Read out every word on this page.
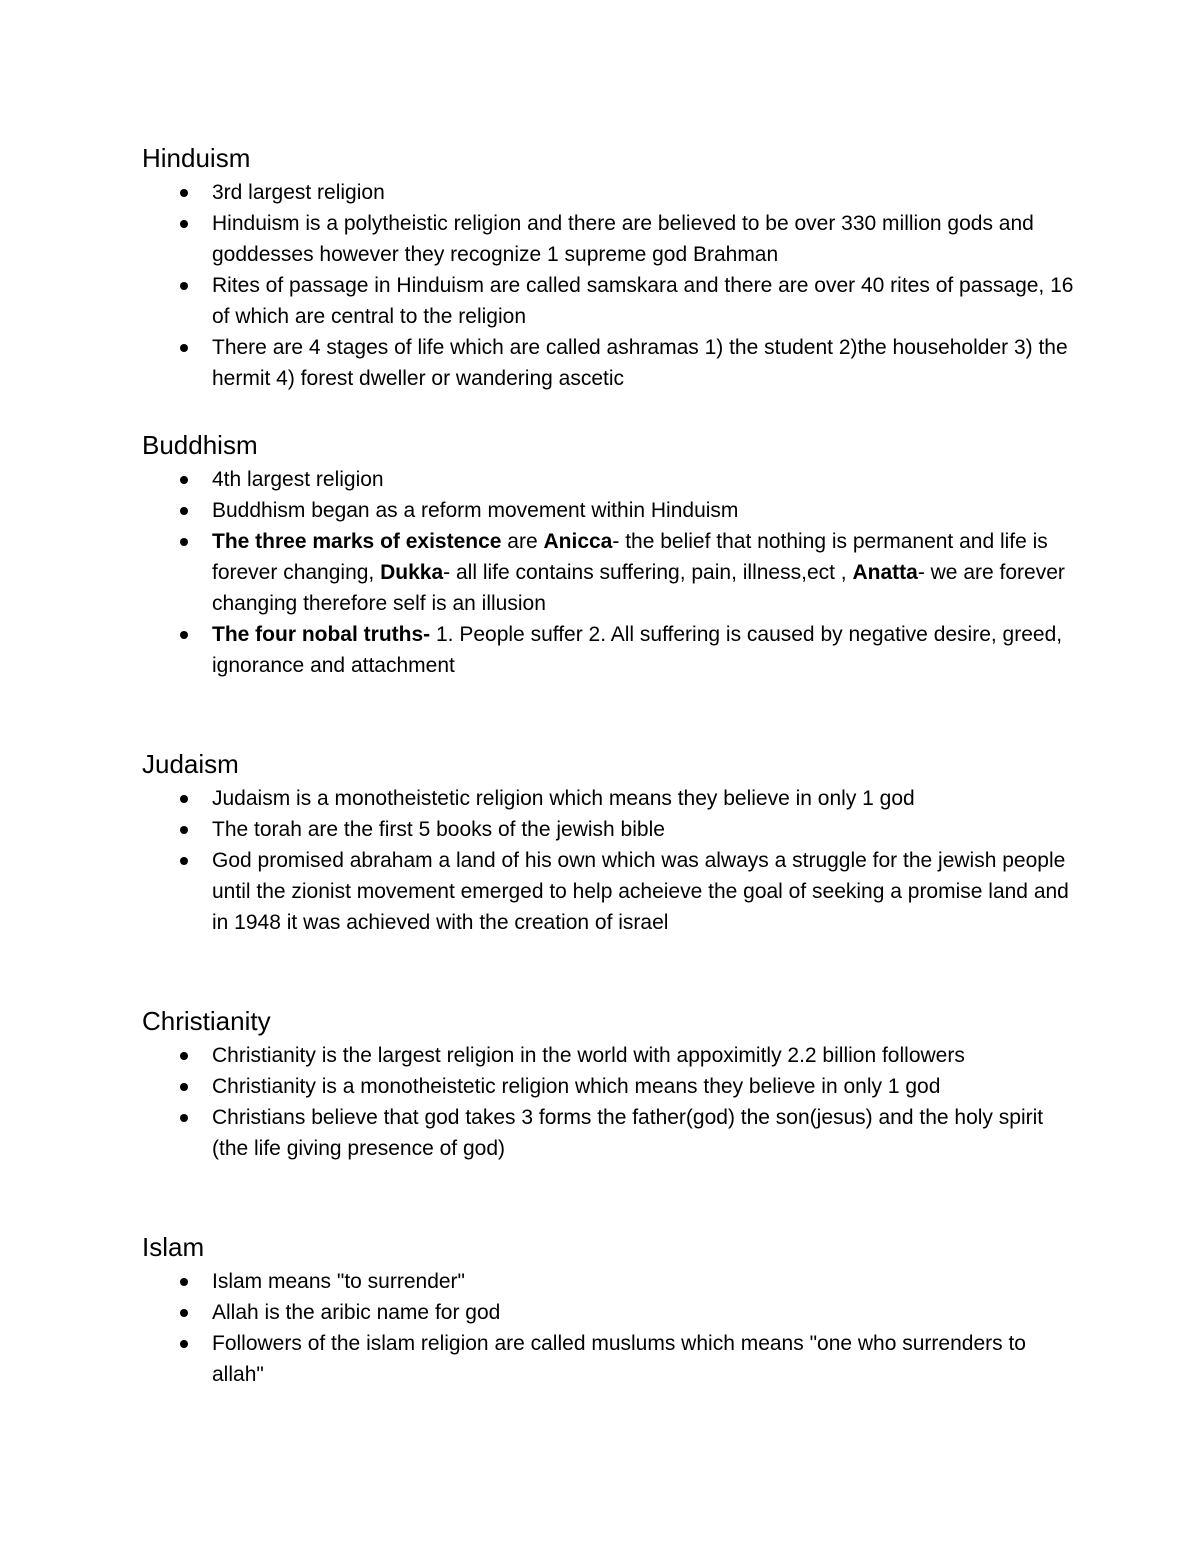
Hinduism
3rd largest religion
Hinduism is a polytheistic religion and there are believed to be over 330 million gods and goddesses however they recognize 1 supreme god Brahman
Rites of passage in Hinduism are called samskara and there are over 40 rites of passage, 16 of which are central to the religion
There are 4 stages of life which are called ashramas 1) the student 2)the householder 3) the hermit 4) forest dweller or wandering ascetic
Buddhism
4th largest religion
Buddhism began as a reform movement within Hinduism
The three marks of existence are Anicca- the belief that nothing is permanent and life is forever changing, Dukka- all life contains suffering, pain, illness,ect , Anatta- we are forever changing therefore self is an illusion
The four nobal truths- 1. People suffer 2. All suffering is caused by negative desire, greed, ignorance and attachment
Judaism
Judaism is a monotheistetic religion which means they believe in only 1 god
The torah are the first 5 books of the jewish bible
God promised abraham a land of his own which was always a struggle for the jewish people until the zionist movement emerged to help acheieve the goal of seeking a promise land and in 1948 it was achieved with the creation of israel
Christianity
Christianity is the largest religion in the world with appoximitly 2.2 billion followers
Christianity is a monotheistetic religion which means they believe in only 1 god
Christians believe that god takes 3 forms the father(god) the son(jesus) and the holy spirit (the life giving presence of god)
Islam
Islam means "to surrender"
Allah is the aribic name for god
Followers of the islam religion are called muslums which means "one who surrenders to allah"
